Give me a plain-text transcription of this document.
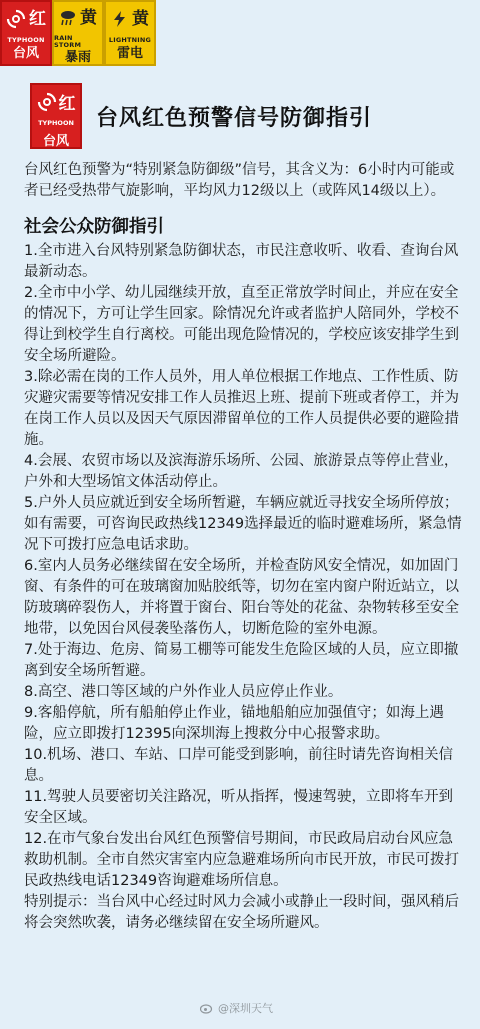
红
TYPHOON
台风
黄
RAIN STORM
暴雨
黄
LIGHTNING
雷电
红
TYPHOON
台风
台风红色预警信号防御指引

台风红色预警为“特别紧急防御级”信号，其含义为：6小时内可能或者已经受热带气旋影响，平均风力12级以上（或阵风14级以上）。

社会公众防御指引

1.全市进入台风特别紧急防御状态，市民注意收听、收看、查询台风最新动态。

2.全市中小学、幼儿园继续开放，直至正常放学时间止，并应在安全的情况下，方可让学生回家。除情况允许或者监护人陪同外，学校不得让到校学生自行离校。可能出现危险情况的，学校应该安排学生到安全场所避险。

3.除必需在岗的工作人员外，用人单位根据工作地点、工作性质、防灾避灾需要等情况安排工作人员推迟上班、提前下班或者停工，并为在岗工作人员以及因天气原因滞留单位的工作人员提供必要的避险措施。

4.会展、农贸市场以及滨海游乐场所、公园、旅游景点等停止营业，户外和大型场馆文体活动停止。

5.户外人员应就近到安全场所暂避，车辆应就近寻找安全场所停放；如有需要，可咨询民政热线12349选择最近的临时避难场所，紧急情况下可拨打应急电话求助。

6.室内人员务必继续留在安全场所，并检查防风安全情况，如加固门窗、有条件的可在玻璃窗加贴胶纸等，切勿在室内窗户附近站立，以防玻璃碎裂伤人，并将置于窗台、阳台等处的花盆、杂物转移至安全地带，以免因台风侵袭坠落伤人，切断危险的室外电源。

7.处于海边、危房、简易工棚等可能发生危险区域的人员，应立即撤离到安全场所暂避。

8.高空、港口等区域的户外作业人员应停止作业。

9.客船停航，所有船舶停止作业，锚地船舶应加强值守；如海上遇险，应立即拨打12395向深圳海上搜救分中心报警求助。

10.机场、港口、车站、口岸可能受到影响，前往时请先咨询相关信息。

11.驾驶人员要密切关注路况，听从指挥，慢速驾驶，立即将车开到安全区域。

12.在市气象台发出台风红色预警信号期间，市民政局启动台风应急救助机制。全市自然灾害室内应急避难场所向市民开放，市民可拨打民政热线电话12349咨询避难场所信息。

特别提示：当台风中心经过时风力会减小或静止一段时间，强风稍后将会突然吹袭，请务必继续留在安全场所避风。

@深圳天气
